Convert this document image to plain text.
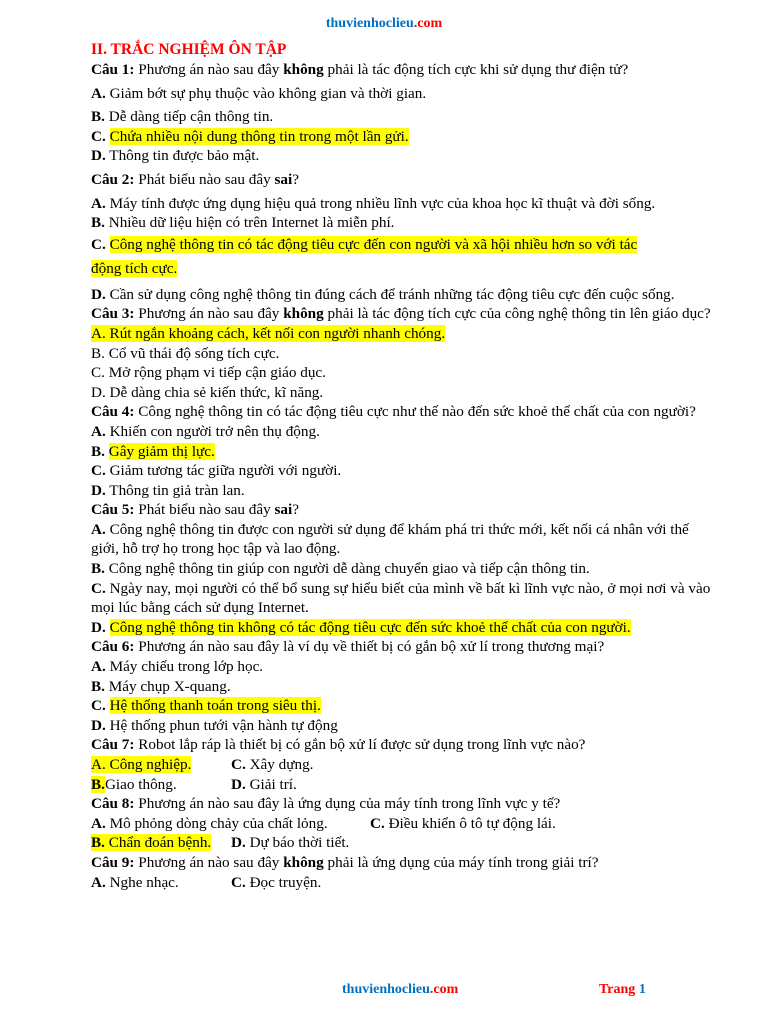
thuvienhoclieu.com
II. TRẮC NGHIỆM ÔN TẬP
Câu 1: Phương án nào sau đây không phải là tác động tích cực khi sử dụng thư điện tử?
A. Giảm bớt sự phụ thuộc vào không gian và thời gian.
B. Dễ dàng tiếp cận thông tin.
C. Chứa nhiều nội dung thông tin trong một lần gửi.
D. Thông tin được bảo mật.
Câu 2: Phát biểu nào sau đây sai?
A. Máy tính được ứng dụng hiệu quả trong nhiều lĩnh vực của khoa học kĩ thuật và đời sống.
B. Nhiều dữ liệu hiện có trên Internet là miễn phí.
C. Công nghệ thông tin có tác động tiêu cực đến con người và xã hội nhiều hơn so với tác
động tích cực.
D. Cần sử dụng công nghệ thông tin đúng cách để tránh những tác động tiêu cực đến cuộc sống.
Câu 3: Phương án nào sau đây không phải là tác động tích cực của công nghệ thông tin lên giáo dục?
A. Rút ngắn khoảng cách, kết nối con người nhanh chóng.
B. Cổ vũ thái độ sống tích cực.
C. Mở rộng phạm vi tiếp cận giáo dục.
D. Dễ dàng chia sẻ kiến thức, kĩ năng.
Câu 4: Công nghệ thông tin có tác động tiêu cực như thế nào đến sức khoẻ thể chất của con người?
A. Khiến con người trở nên thụ động.
B. Gây giảm thị lực.
C. Giảm tương tác giữa người với người.
D. Thông tin giả tràn lan.
Câu 5: Phát biểu nào sau đây sai?
A. Công nghệ thông tin được con người sử dụng để khám phá tri thức mới, kết nối cá nhân với thế giới, hỗ trợ họ trong học tập và lao động.
B. Công nghệ thông tin giúp con người dễ dàng chuyển giao và tiếp cận thông tin.
C. Ngày nay, mọi người có thể bổ sung sự hiểu biết của mình về bất kì lĩnh vực nào, ở mọi nơi và vào mọi lúc bằng cách sử dụng Internet.
D. Công nghệ thông tin không có tác động tiêu cực đến sức khoẻ thể chất của con người.
Câu 6: Phương án nào sau đây là ví dụ về thiết bị có gắn bộ xử lí trong thương mại?
A. Máy chiếu trong lớp học.
B. Máy chụp X-quang.
C. Hệ thống thanh toán trong siêu thị.
D. Hệ thống phun tưới vận hành tự động
Câu 7: Robot lắp ráp là thiết bị có gắn bộ xử lí được sử dụng trong lĩnh vực nào?
A. Công nghiệp.	C. Xây dựng.
B.Giao thông.	D. Giải trí.
Câu 8: Phương án nào sau đây là ứng dụng của máy tính trong lĩnh vực y tế?
A. Mô phỏng dòng chảy của chất lỏng.	C. Điều khiển ô tô tự động lái.
B. Chẩn đoán bệnh.	D. Dự báo thời tiết.
Câu 9: Phương án nào sau đây không phải là ứng dụng của máy tính trong giải trí?
A. Nghe nhạc.	C. Đọc truyện.
thuvienhoclieu.com	Trang 1
